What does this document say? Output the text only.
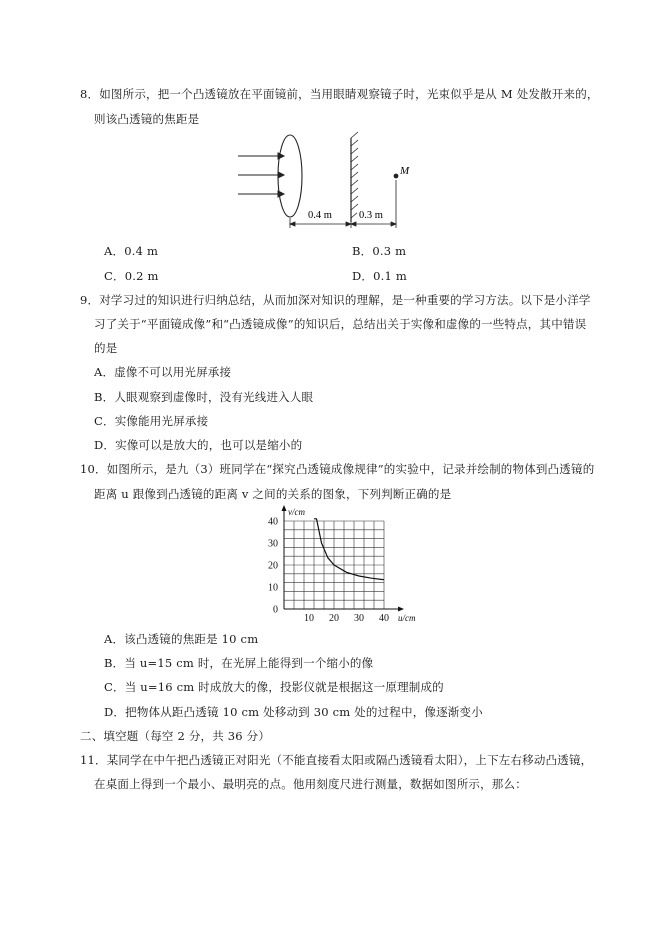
8．如图所示，把一个凸透镜放在平面镜前，当用眼睛观察镜子时，光束似乎是从 M 处发散开来的，
则该凸透镜的焦距是
M
0.4 m	0.3 m
A．0.4 m	B．0.3 m
C．0.2 m	D．0.1 m
9．对学习过的知识进行归纳总结，从而加深对知识的理解，是一种重要的学习方法。以下是小洋学
习了关于“平面镜成像”和“凸透镜成像”的知识后，总结出关于实像和虚像的一些特点，其中错误
的是
A．虚像不可以用光屏承接
B．人眼观察到虚像时，没有光线进入人眼
C．实像能用光屏承接
D．实像可以是放大的，也可以是缩小的
10．如图所示，是九（3）班同学在“探究凸透镜成像规律”的实验中，记录并绘制的物体到凸透镜的
距离 u 跟像到凸透镜的距离 v 之间的关系的图象，下列判断正确的是
10 20 30 40
0
10
20
30
40
u/cm
v/cm
A．该凸透镜的焦距是 10 cm
B．当 u=15 cm 时，在光屏上能得到一个缩小的像
C．当 u=16 cm 时成放大的像，投影仪就是根据这一原理制成的
D．把物体从距凸透镜 10 cm 处移动到 30 cm 处的过程中，像逐渐变小
二、填空题（每空 2 分，共 36 分）
11．某同学在中午把凸透镜正对阳光（不能直接看太阳或隔凸透镜看太阳），上下左右移动凸透镜，
在桌面上得到一个最小、最明亮的点。他用刻度尺进行测量，数据如图所示，那么：
